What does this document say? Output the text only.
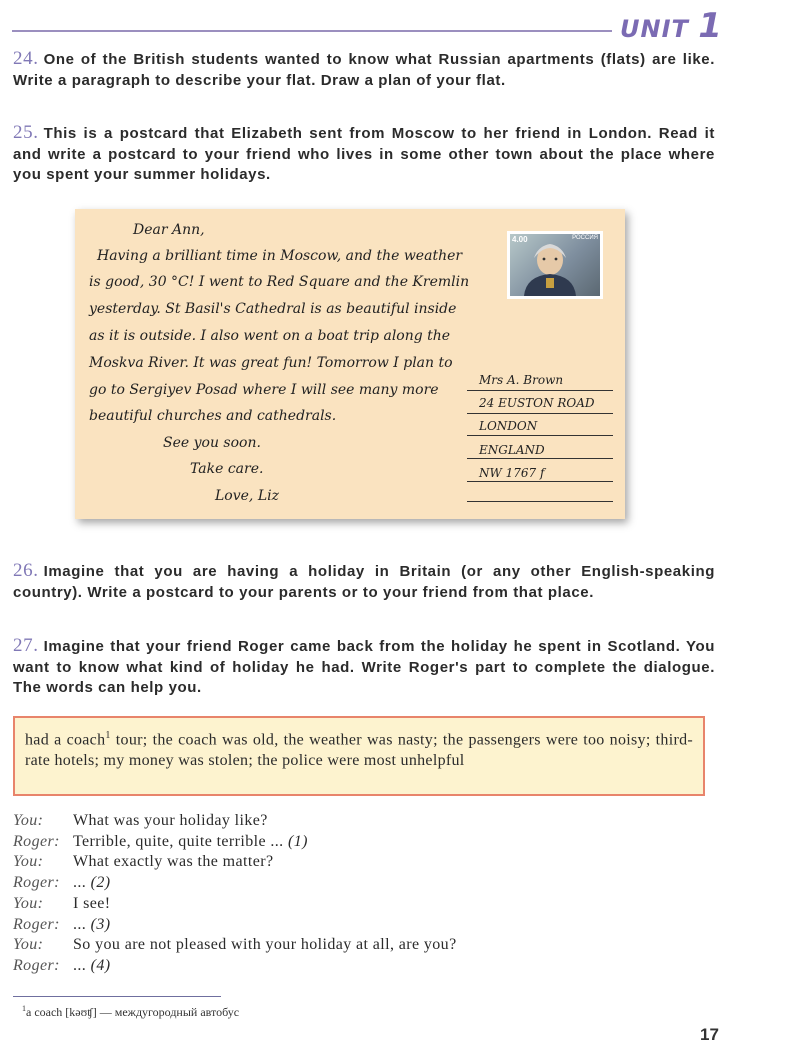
UNIT 1
24. One of the British students wanted to know what Russian apartments (flats) are like. Write a paragraph to describe your flat. Draw a plan of your flat.
25. This is a postcard that Elizabeth sent from Moscow to her friend in London. Read it and write a postcard to your friend who lives in some other town about the place where you spent your summer holidays.
Dear Ann,
Having a brilliant time in Moscow, and the weather
is good, 30 °C! I went to Red Square and the Kremlin
yesterday. St Basil's Cathedral is as beautiful inside
as it is outside. I also went on a boat trip along the
Moskva River. It was great fun! Tomorrow I plan to
go to Sergiyev Posad where I will see many more
beautiful churches and cathedrals.
See you soon.
Take care.
Love, Liz
4.00	РОССИЯ
Mrs A. Brown
24 EUSTON ROAD
LONDON
ENGLAND
NW 1767 f
26. Imagine that you are having a holiday in Britain (or any other English-speaking country). Write a postcard to your parents or to your friend from that place.
27. Imagine that your friend Roger came back from the holiday he spent in Scotland. You want to know what kind of holiday he had. Write Roger's part to complete the dialogue. The words can help you.
had a coach$^1$ tour; the coach was old, the weather was nasty; the passengers were too noisy; third-rate hotels; my money was stolen; the police were most unhelpful
You: What was your holiday like?
Roger: Terrible, quite, quite terrible ... (1)
You: What exactly was the matter?
Roger: ... (2)
You: I see!
Roger: ... (3)
You: So you are not pleased with your holiday at all, are you?
Roger: ... (4)
$^1$a coach [kəʊʧ] — междугородный автобус
17
